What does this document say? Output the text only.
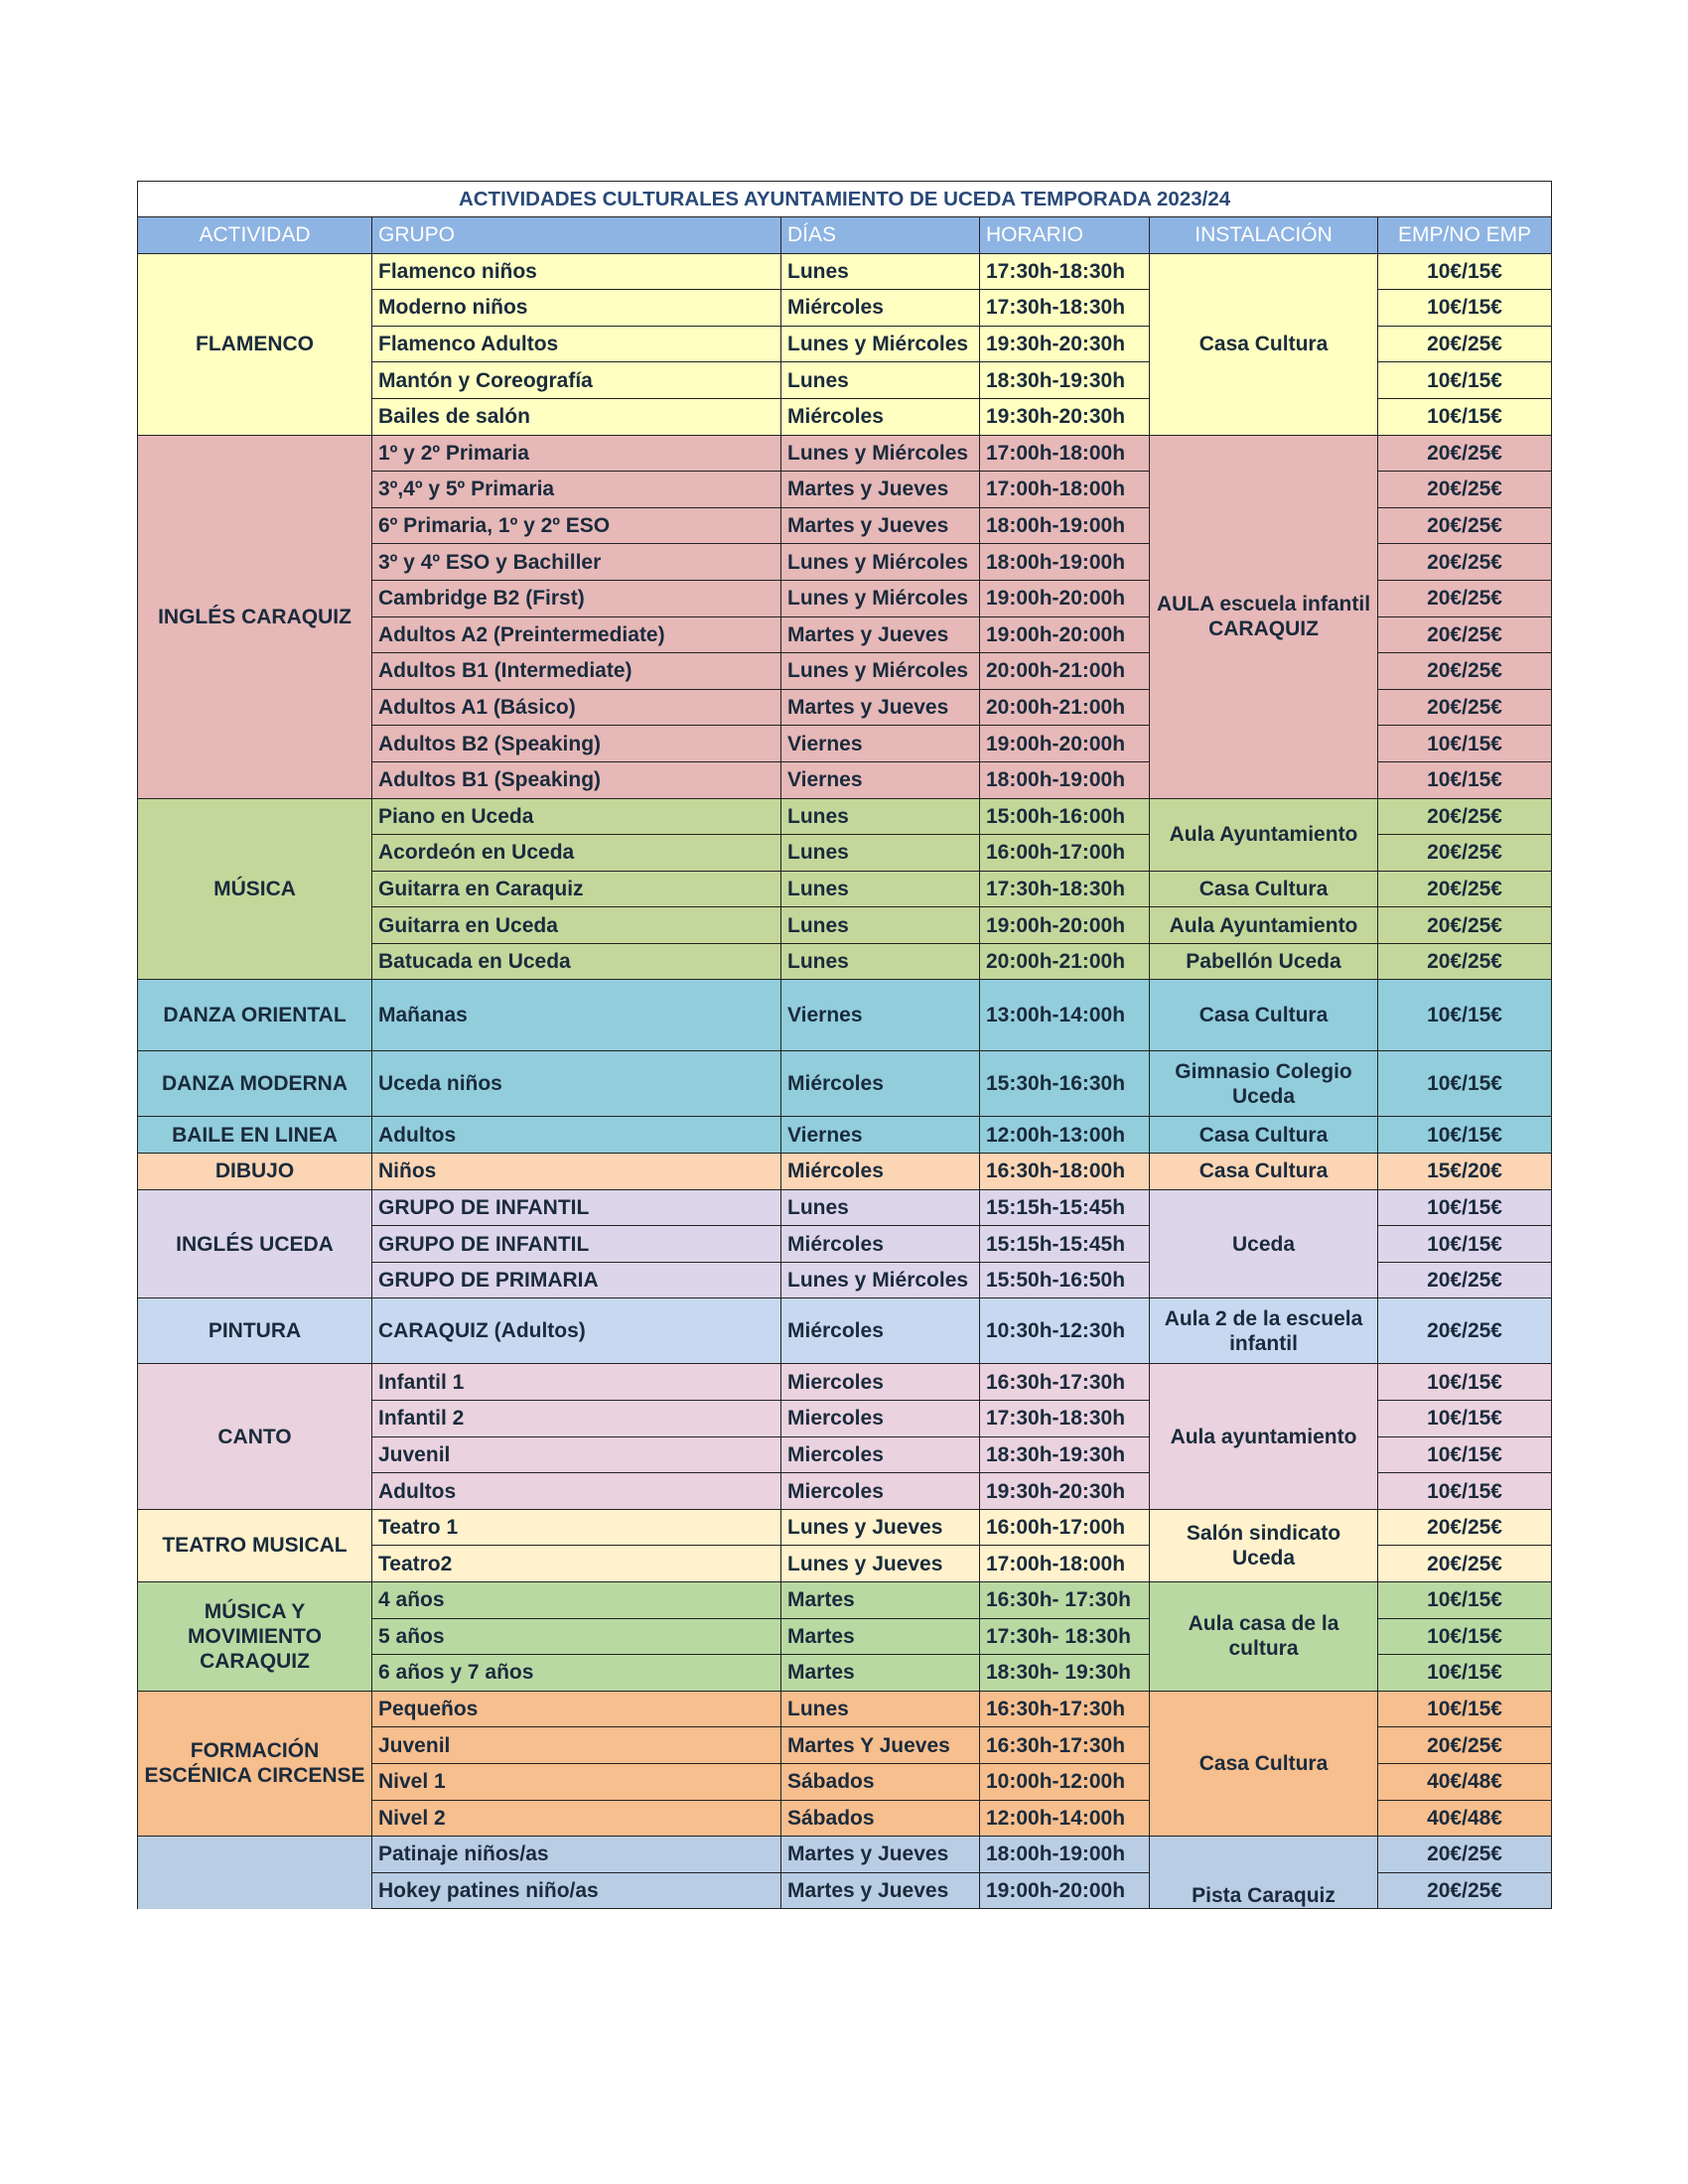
ACTIVIDADES CULTURALES AYUNTAMIENTO DE UCEDA TEMPORADA 2023/24					
ACTIVIDAD	GRUPO	DÍAS	HORARIO	INSTALACIÓN	EMP/NO EMP
FLAMENCO	Flamenco niños	Lunes	17:30h-18:30h	Casa Cultura	10€/15€
	Moderno niños	Miércoles	17:30h-18:30h		10€/15€
	Flamenco Adultos	Lunes y Miércoles	19:30h-20:30h		20€/25€
	Mantón y Coreografía	Lunes	18:30h-19:30h		10€/15€
	Bailes de salón	Miércoles	19:30h-20:30h		10€/15€
INGLÉS CARAQUIZ	1º y 2º Primaria	Lunes y Miércoles	17:00h-18:00h	AULA escuela infantil CARAQUIZ	20€/25€
	3º,4º y 5º Primaria	Martes y Jueves	17:00h-18:00h		20€/25€
	6º Primaria, 1º y 2º ESO	Martes y Jueves	18:00h-19:00h		20€/25€
	3º y 4º ESO y Bachiller	Lunes y Miércoles	18:00h-19:00h		20€/25€
	Cambridge B2 (First)	Lunes y Miércoles	19:00h-20:00h		20€/25€
	Adultos A2 (Preintermediate)	Martes y Jueves	19:00h-20:00h		20€/25€
	Adultos B1 (Intermediate)	Lunes y Miércoles	20:00h-21:00h		20€/25€
	Adultos A1 (Básico)	Martes y Jueves	20:00h-21:00h		20€/25€
	Adultos B2 (Speaking)	Viernes	19:00h-20:00h		10€/15€
	Adultos B1 (Speaking)	Viernes	18:00h-19:00h		10€/15€
MÚSICA	Piano en Uceda	Lunes	15:00h-16:00h	Aula Ayuntamiento	20€/25€
	Acordeón en Uceda	Lunes	16:00h-17:00h		20€/25€
	Guitarra en Caraquiz	Lunes	17:30h-18:30h	Casa Cultura	20€/25€
	Guitarra en Uceda	Lunes	19:00h-20:00h	Aula Ayuntamiento	20€/25€
	Batucada en Uceda	Lunes	20:00h-21:00h	Pabellón Uceda	20€/25€
DANZA ORIENTAL	Mañanas	Viernes	13:00h-14:00h	Casa Cultura	10€/15€
DANZA MODERNA	Uceda niños	Miércoles	15:30h-16:30h	Gimnasio Colegio Uceda	10€/15€
BAILE EN LINEA	Adultos	Viernes	12:00h-13:00h	Casa Cultura	10€/15€
DIBUJO	Niños	Miércoles	16:30h-18:00h	Casa Cultura	15€/20€
INGLÉS UCEDA	GRUPO DE INFANTIL	Lunes	15:15h-15:45h	Uceda	10€/15€
	GRUPO DE INFANTIL	Miércoles	15:15h-15:45h		10€/15€
	GRUPO DE PRIMARIA	Lunes y Miércoles	15:50h-16:50h		20€/25€
PINTURA	CARAQUIZ (Adultos)	Miércoles	10:30h-12:30h	Aula 2 de la escuela infantil	20€/25€
CANTO	Infantil 1	Miercoles	16:30h-17:30h	Aula ayuntamiento	10€/15€
	Infantil 2	Miercoles	17:30h-18:30h		10€/15€
	Juvenil	Miercoles	18:30h-19:30h		10€/15€
	Adultos	Miercoles	19:30h-20:30h		10€/15€
TEATRO MUSICAL	Teatro 1	Lunes y Jueves	16:00h-17:00h	Salón sindicato Uceda	20€/25€
	Teatro2	Lunes y Jueves	17:00h-18:00h		20€/25€
MÚSICA Y MOVIMIENTO CARAQUIZ	4 años	Martes	16:30h- 17:30h	Aula casa de la cultura	10€/15€
	5 años	Martes	17:30h- 18:30h		10€/15€
	6 años y 7 años	Martes	18:30h- 19:30h		10€/15€
FORMACIÓN ESCÉNICA CIRCENSE	Pequeños	Lunes	16:30h-17:30h	Casa Cultura	10€/15€
	Juvenil	Martes Y Jueves	16:30h-17:30h		20€/25€
	Nivel 1	Sábados	10:00h-12:00h		40€/48€
	Nivel 2	Sábados	12:00h-14:00h		40€/48€
	Patinaje niños/as	Martes y Jueves	18:00h-19:00h	Pista Caraquiz	20€/25€
	Hokey patines niño/as	Martes y Jueves	19:00h-20:00h		20€/25€
